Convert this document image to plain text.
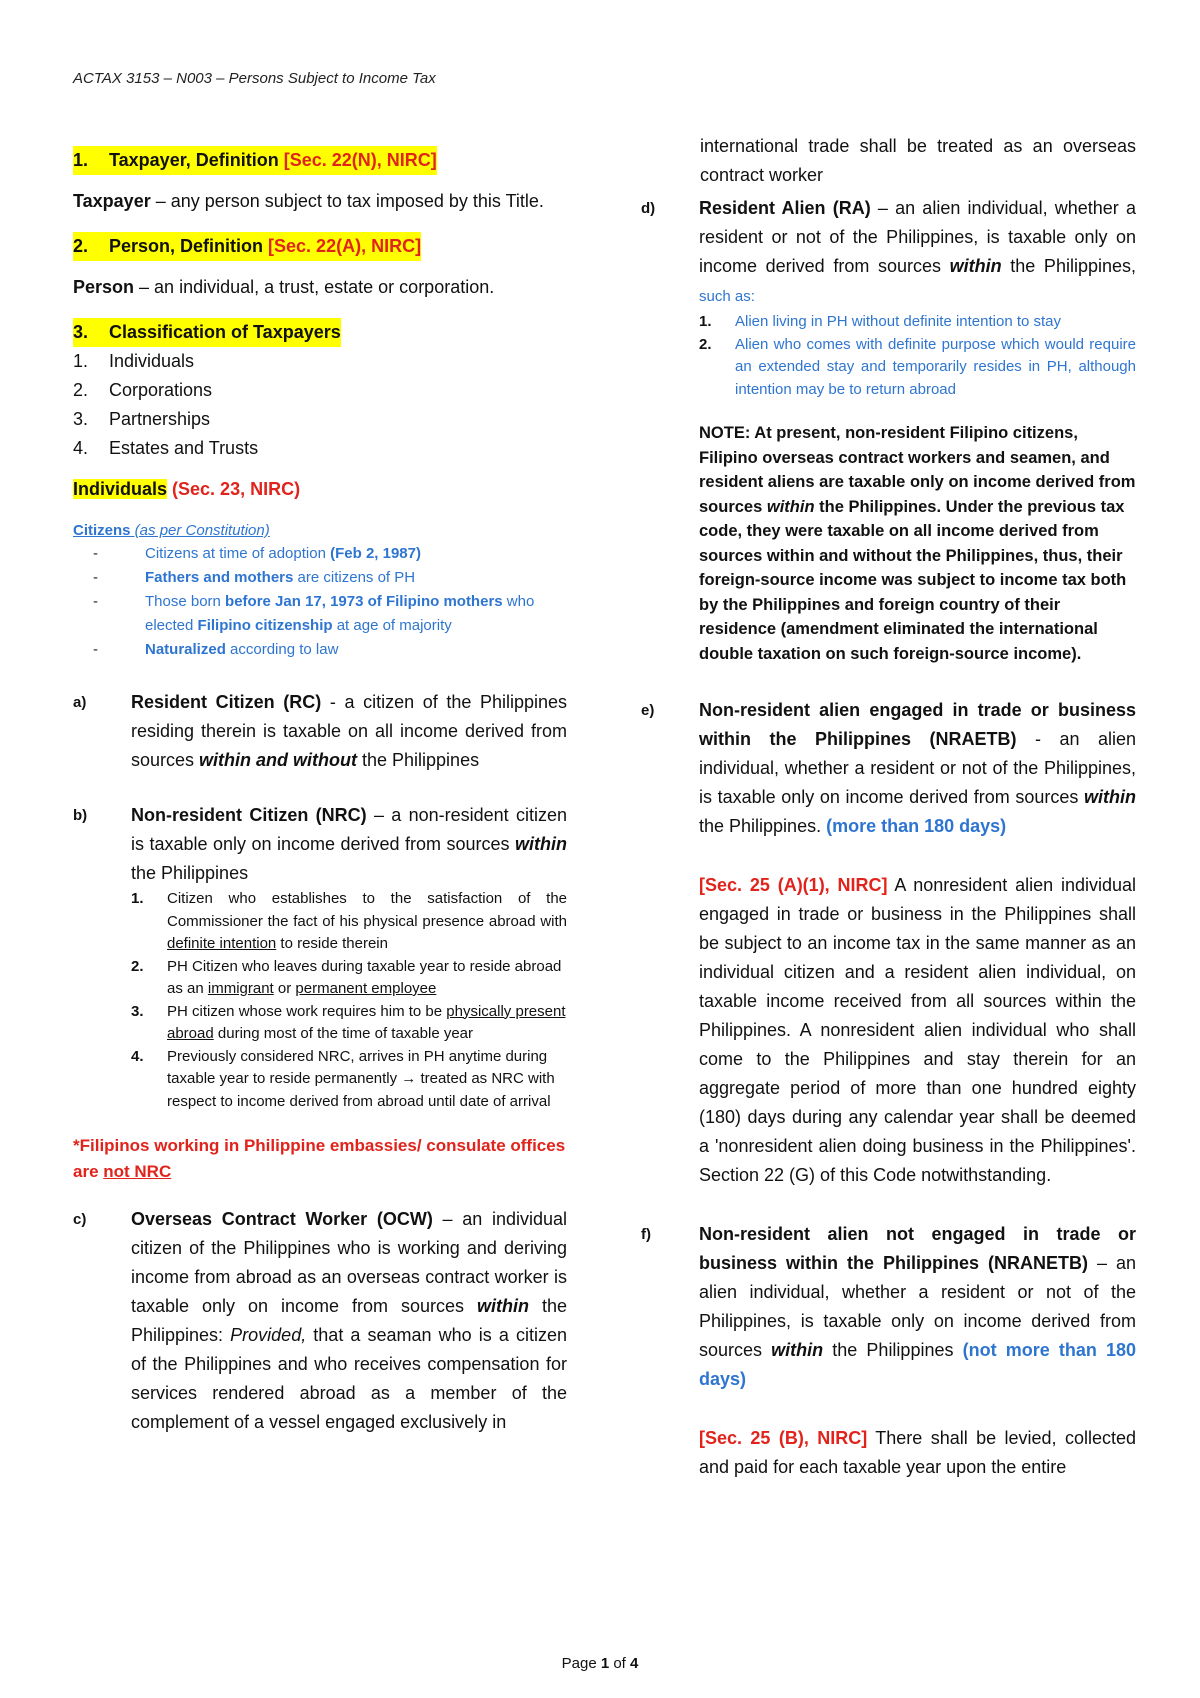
ACTAX 3153 – N003 – Persons Subject to Income Tax
1.	Taxpayer, Definition [Sec. 22(N), NIRC]

Taxpayer – any person subject to tax imposed by this Title.

2.	Person, Definition [Sec. 22(A), NIRC]

Person – an individual, a trust, estate or corporation.

3.	Classification of Taxpayers
1.	Individuals
2.	Corporations
3.	Partnerships
4.	Estates and Trusts

Individuals (Sec. 23, NIRC)

Citizens (as per Constitution)

-	Citizens at time of adoption (Feb 2, 1987)
-	Fathers and mothers are citizens of PH
-	Those born before Jan 17, 1973 of Filipino mothers who elected Filipino citizenship at age of majority
-	Naturalized according to law
a)	Resident Citizen (RC) - a citizen of the Philippines residing therein is taxable on all income derived from sources within and without the Philippines

b)	Non-resident Citizen (NRC) – a non-resident citizen is taxable only on income derived from sources within the Philippines

1.	Citizen who establishes to the satisfaction of the Commissioner the fact of his physical presence abroad with definite intention to reside therein
2.	PH Citizen who leaves during taxable year to reside abroad as an immigrant or permanent employee
3.	PH citizen whose work requires him to be physically present abroad during most of the time of taxable year
4.	Previously considered NRC, arrives in PH anytime during taxable year to reside permanently → treated as NRC with respect to income derived from abroad until date of arrival

*Filipinos working in Philippine embassies/ consulate offices are not NRC

c)	Overseas Contract Worker (OCW) – an individual citizen of the Philippines who is working and deriving income from abroad as an overseas contract worker is taxable only on income from sources within the Philippines: Provided, that a seaman who is a citizen of the Philippines and who receives compensation for services rendered abroad as a member of the complement of a vessel engaged exclusively in

international trade shall be treated as an overseas contract worker

d)	Resident Alien (RA) – an alien individual, whether a resident or not of the Philippines, is taxable only on income derived from sources within the Philippines, such as:

1.	Alien living in PH without definite intention to stay
2.	Alien who comes with definite purpose which would require an extended stay and temporarily resides in PH, although intention may be to return abroad

NOTE: At present, non-resident Filipino citizens, Filipino overseas contract workers and seamen, and resident aliens are taxable only on income derived from sources within the Philippines. Under the previous tax code, they were taxable on all income derived from sources within and without the Philippines, thus, their foreign-source income was subject to income tax both by the Philippines and foreign country of their residence (amendment eliminated the international double taxation on such foreign-source income).

e)	Non-resident alien engaged in trade or business within the Philippines (NRAETB) - an alien individual, whether a resident or not of the Philippines, is taxable only on income derived from sources within the Philippines. (more than 180 days)

[Sec. 25 (A)(1), NIRC] A nonresident alien individual engaged in trade or business in the Philippines shall be subject to an income tax in the same manner as an individual citizen and a resident alien individual, on taxable income received from all sources within the Philippines. A nonresident alien individual who shall come to the Philippines and stay therein for an aggregate period of more than one hundred eighty (180) days during any calendar year shall be deemed a 'nonresident alien doing business in the Philippines'. Section 22 (G) of this Code notwithstanding.

f)	Non-resident alien not engaged in trade or business within the Philippines (NRANETB) – an alien individual, whether a resident or not of the Philippines, is taxable only on income derived from sources within the Philippines (not more than 180 days)

[Sec. 25 (B), NIRC] There shall be levied, collected and paid for each taxable year upon the entire

Page 1 of 4
